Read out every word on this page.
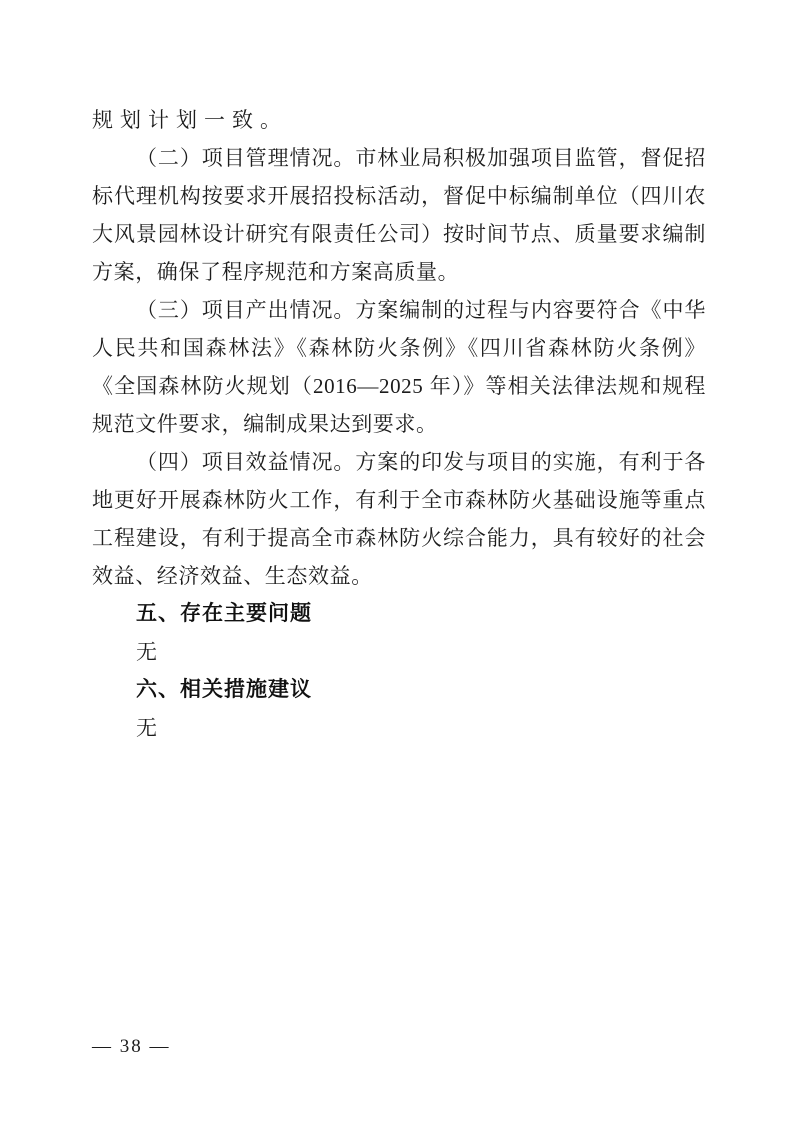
规划计划一致。

（二）项目管理情况。市林业局积极加强项目监管，督促招标代理机构按要求开展招投标活动，督促中标编制单位（四川农大风景园林设计研究有限责任公司）按时间节点、质量要求编制方案，确保了程序规范和方案高质量。

（三）项目产出情况。方案编制的过程与内容要符合《中华人民共和国森林法》《森林防火条例》《四川省森林防火条例》《全国森林防火规划（2016—2025 年）》等相关法律法规和规程规范文件要求，编制成果达到要求。

（四）项目效益情况。方案的印发与项目的实施，有利于各地更好开展森林防火工作，有利于全市森林防火基础设施等重点工程建设，有利于提高全市森林防火综合能力，具有较好的社会效益、经济效益、生态效益。

五、存在主要问题

无

六、相关措施建议

无

— 38 —
